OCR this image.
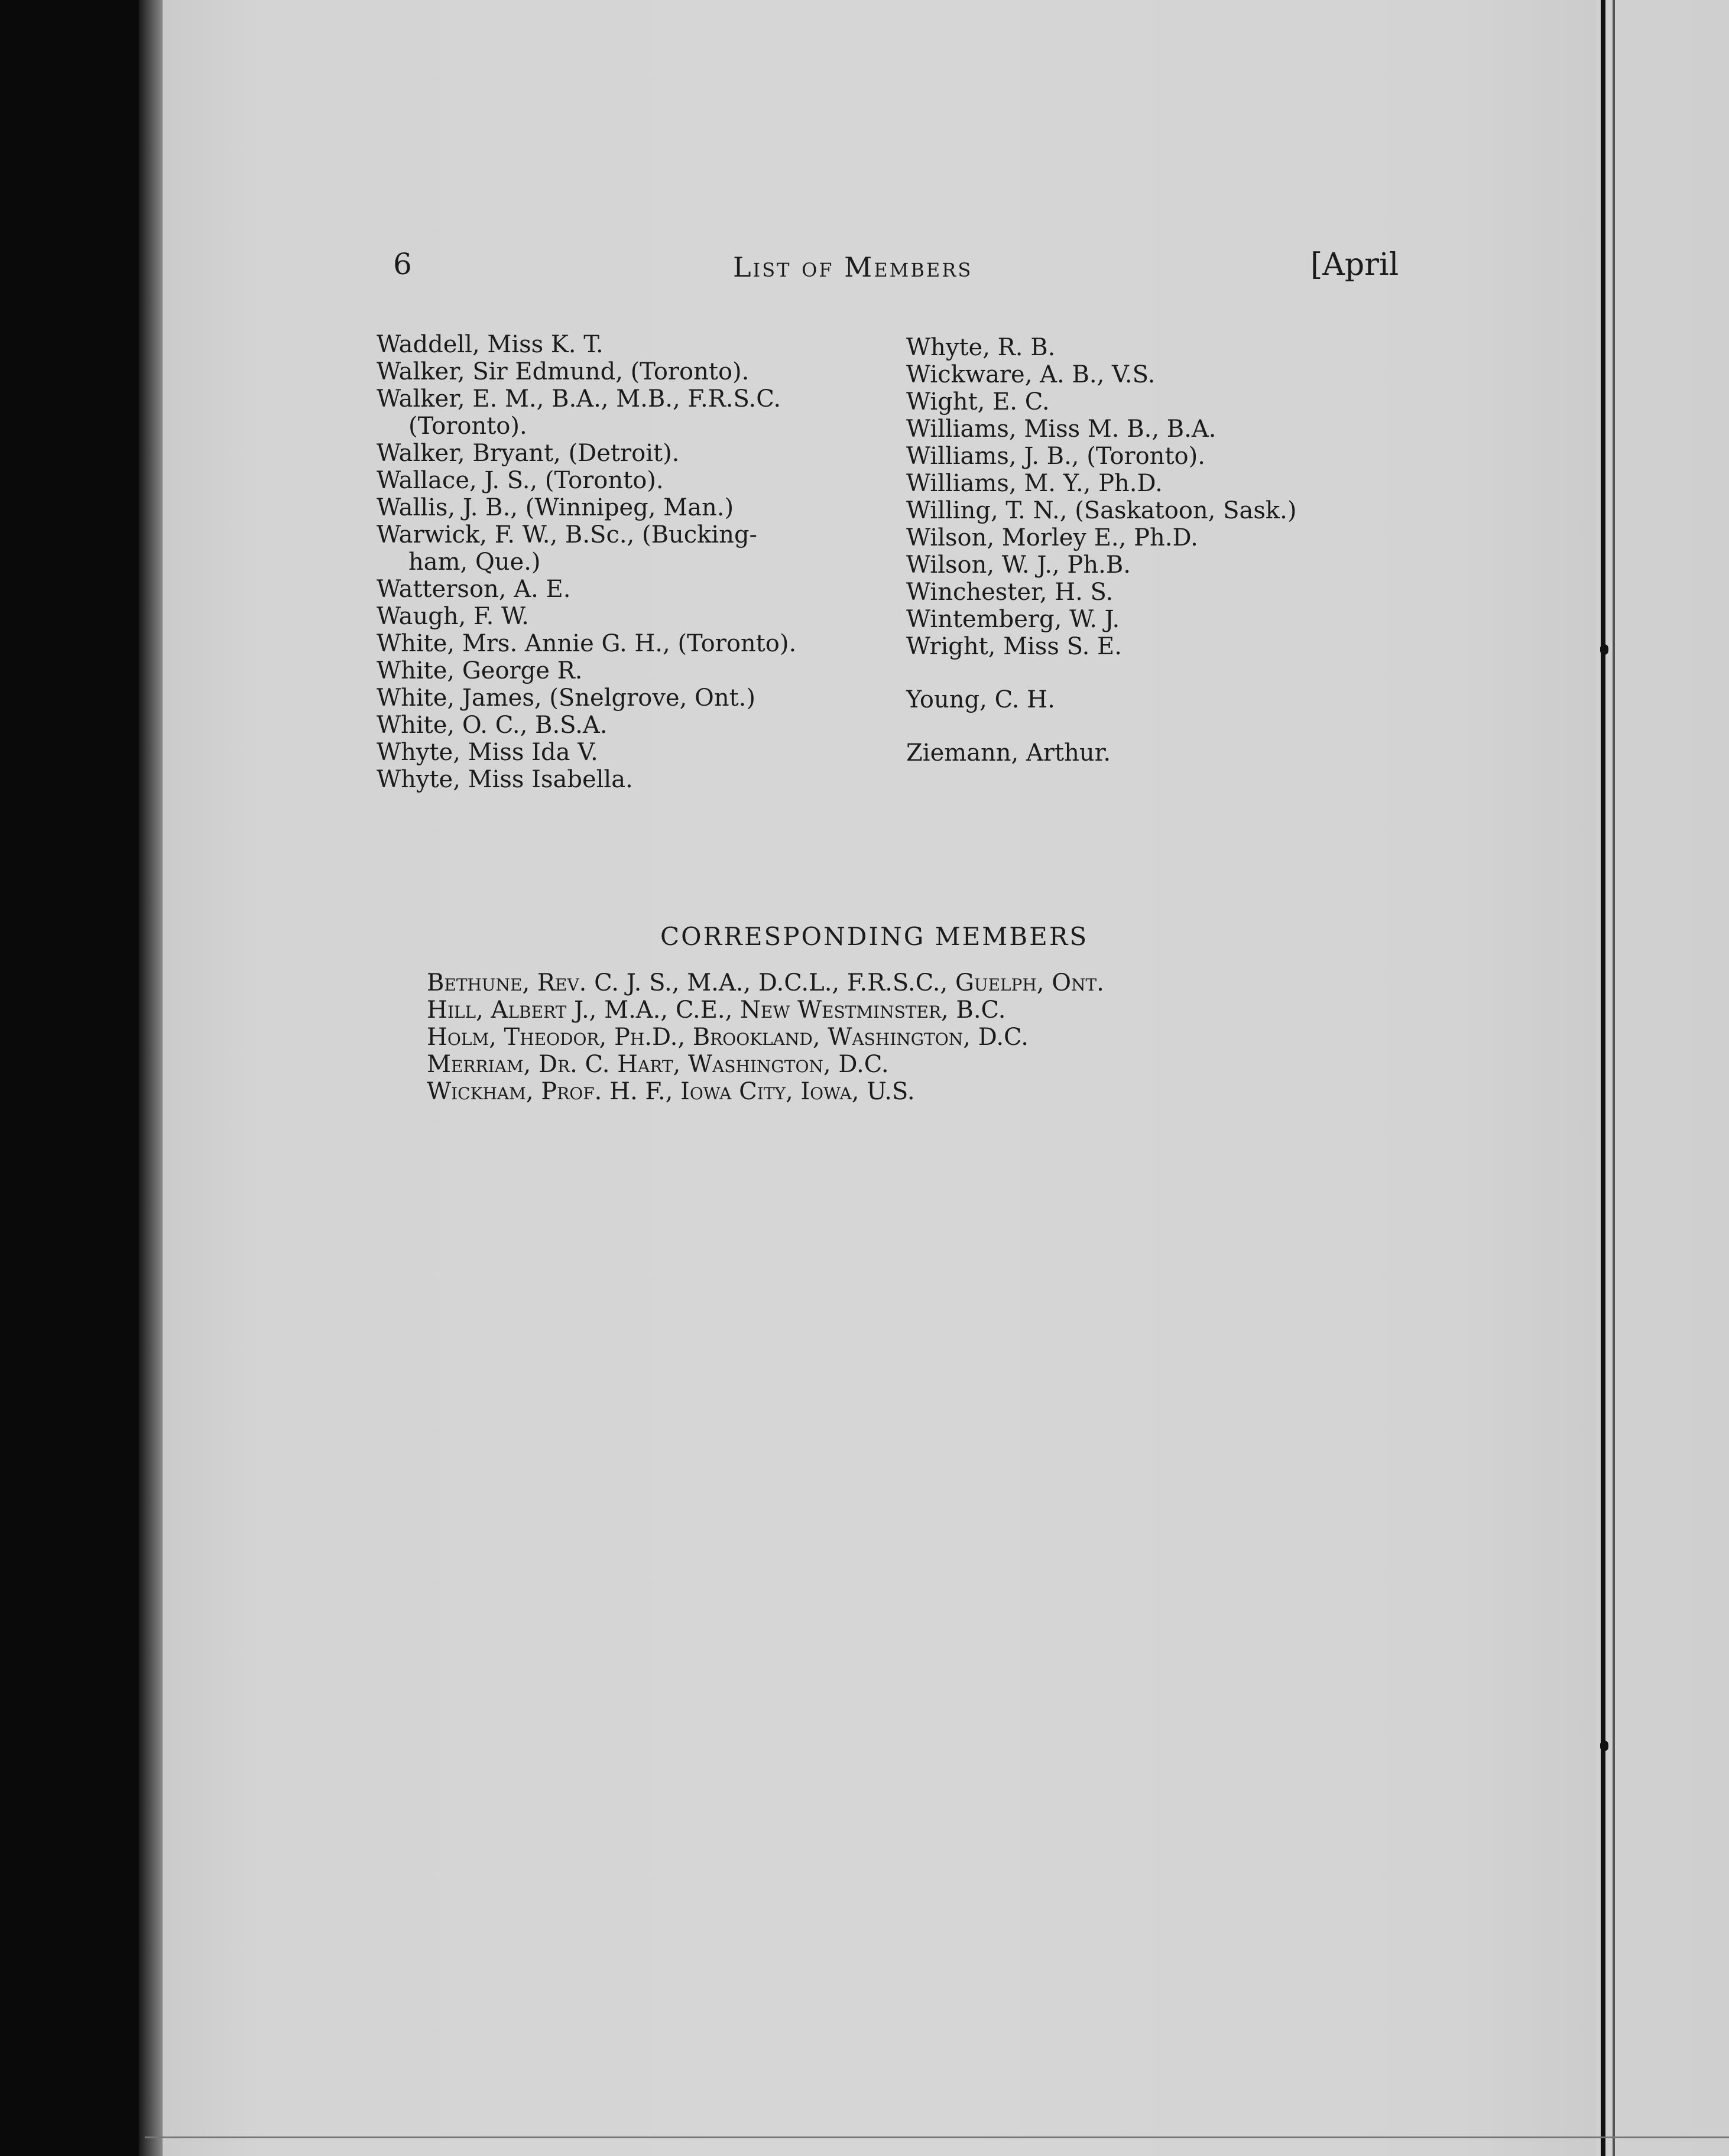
6	List of Members	[April
Waddell, Miss K. T.
Walker, Sir Edmund, (Toronto).
Walker, E. M., B.A., M.B., F.R.S.C.
(Toronto).
Walker, Bryant, (Detroit).
Wallace, J. S., (Toronto).
Wallis, J. B., (Winnipeg, Man.)
Warwick, F. W., B.Sc., (Bucking-
ham, Que.)
Watterson, A. E.
Waugh, F. W.
White, Mrs. Annie G. H., (Toronto).
White, George R.
White, James, (Snelgrove, Ont.)
White, O. C., B.S.A.
Whyte, Miss Ida V.
Whyte, Miss Isabella.
Whyte, R. B.
Wickware, A. B., V.S.
Wight, E. C.
Williams, Miss M. B., B.A.
Williams, J. B., (Toronto).
Williams, M. Y., Ph.D.
Willing, T. N., (Saskatoon, Sask.)
Wilson, Morley E., Ph.D.
Wilson, W. J., Ph.B.
Winchester, H. S.
Wintemberg, W. J.
Wright, Miss S. E.
Young, C. H.
Ziemann, Arthur.
CORRESPONDING MEMBERS
Bethune, Rev. C. J. S., M.A., D.C.L., F.R.S.C., Guelph, Ont.
Hill, Albert J., M.A., C.E., New Westminster, B.C.
Holm, Theodor, Ph.D., Brookland, Washington, D.C.
Merriam, Dr. C. Hart, Washington, D.C.
Wickham, Prof. H. F., Iowa City, Iowa, U.S.
